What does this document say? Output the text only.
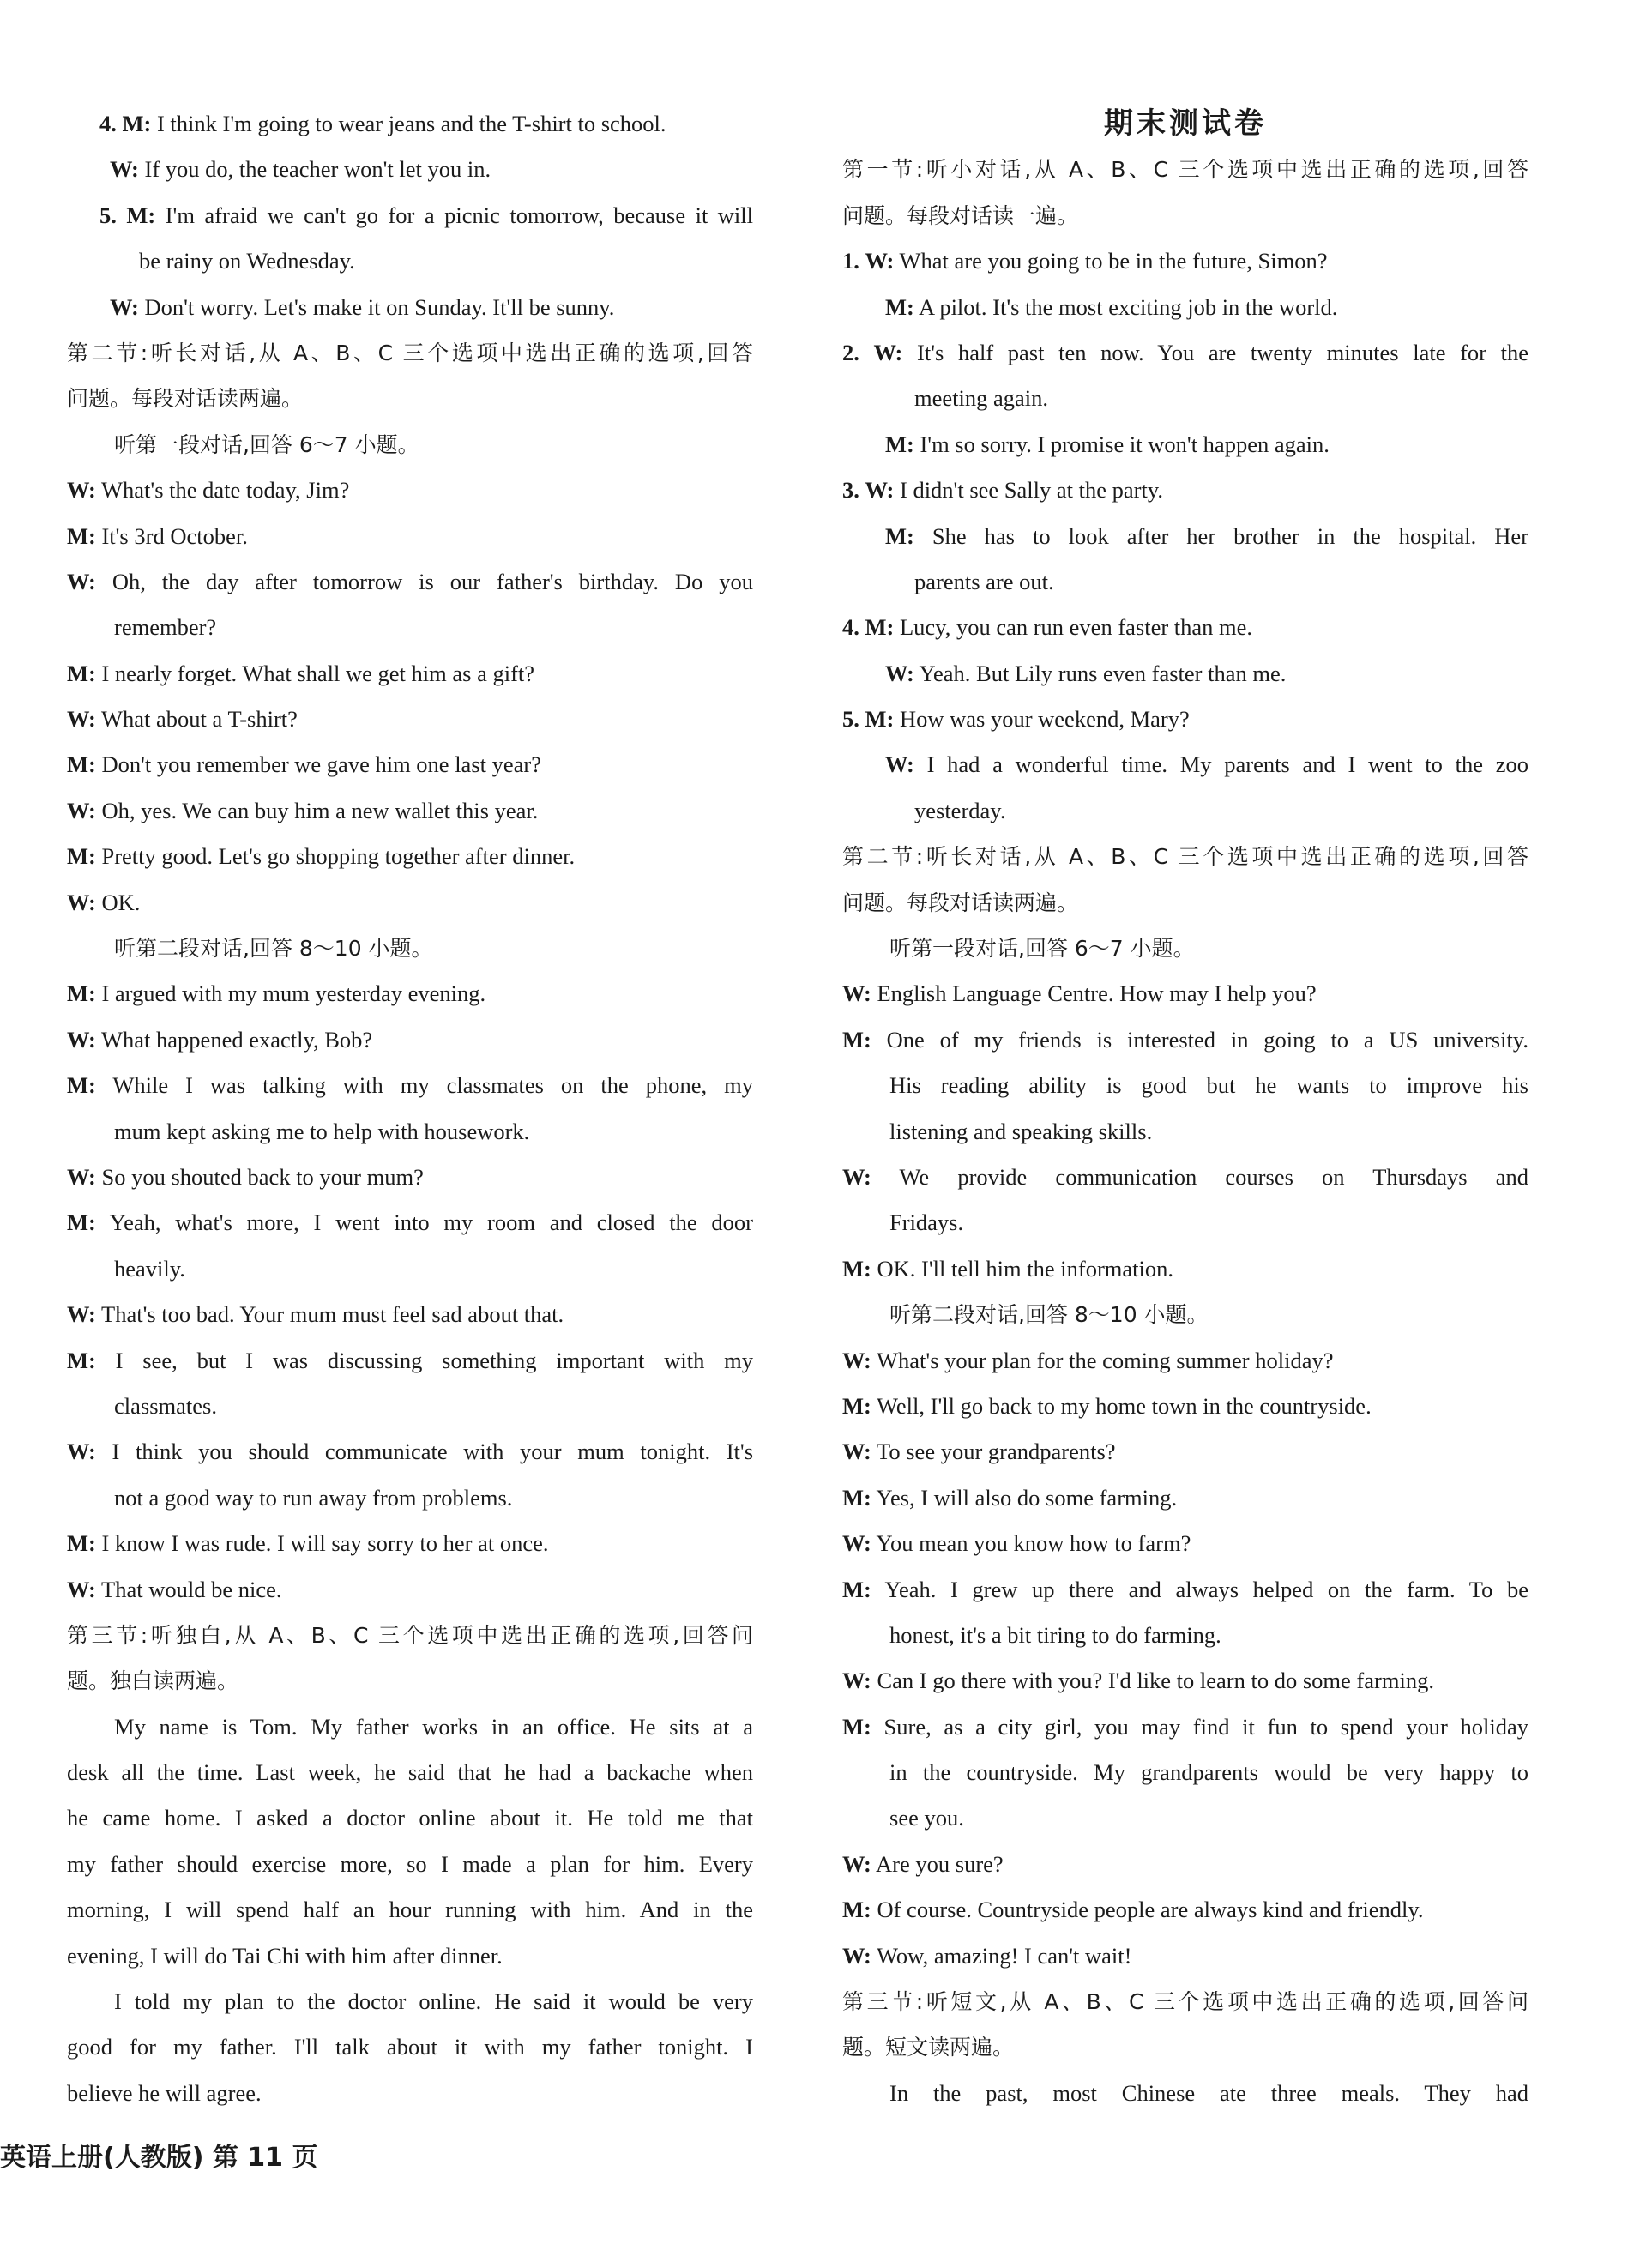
4. M: I think I'm going to wear jeans and the T-shirt to school.
W: If you do, the teacher won't let you in.
5. M: I'm afraid we can't go for a picnic tomorrow, because it will
be rainy on Wednesday.
W: Don't worry. Let's make it on Sunday. It'll be sunny.
第二节:听长对话,从 A、B、C 三个选项中选出正确的选项,回答
问题。每段对话读两遍。
听第一段对话,回答 6～7 小题。
W: What's the date today, Jim?
M: It's 3rd October.
W: Oh, the day after tomorrow is our father's birthday. Do you
remember?
M: I nearly forget. What shall we get him as a gift?
W: What about a T-shirt?
M: Don't you remember we gave him one last year?
W: Oh, yes. We can buy him a new wallet this year.
M: Pretty good. Let's go shopping together after dinner.
W: OK.
听第二段对话,回答 8～10 小题。
M: I argued with my mum yesterday evening.
W: What happened exactly, Bob?
M: While I was talking with my classmates on the phone, my
mum kept asking me to help with housework.
W: So you shouted back to your mum?
M: Yeah, what's more, I went into my room and closed the door
heavily.
W: That's too bad. Your mum must feel sad about that.
M: I see, but I was discussing something important with my
classmates.
W: I think you should communicate with your mum tonight. It's
not a good way to run away from problems.
M: I know I was rude. I will say sorry to her at once.
W: That would be nice.
第三节:听独白,从 A、B、C 三个选项中选出正确的选项,回答问
题。独白读两遍。
My name is Tom. My father works in an office. He sits at a
desk all the time. Last week, he said that he had a backache when
he came home. I asked a doctor online about it. He told me that
my father should exercise more, so I made a plan for him. Every
morning, I will spend half an hour running with him. And in the
evening, I will do Tai Chi with him after dinner.
I told my plan to the doctor online. He said it would be very
good for my father. I'll talk about it with my father tonight. I
believe he will agree.
期末测试卷
第一节:听小对话,从 A、B、C 三个选项中选出正确的选项,回答
问题。每段对话读一遍。
1. W: What are you going to be in the future, Simon?
M: A pilot. It's the most exciting job in the world.
2. W: It's half past ten now. You are twenty minutes late for the
meeting again.
M: I'm so sorry. I promise it won't happen again.
3. W: I didn't see Sally at the party.
M: She has to look after her brother in the hospital. Her
parents are out.
4. M: Lucy, you can run even faster than me.
W: Yeah. But Lily runs even faster than me.
5. M: How was your weekend, Mary?
W: I had a wonderful time. My parents and I went to the zoo
yesterday.
第二节:听长对话,从 A、B、C 三个选项中选出正确的选项,回答
问题。每段对话读两遍。
听第一段对话,回答 6～7 小题。
W: English Language Centre. How may I help you?
M: One of my friends is interested in going to a US university.
His reading ability is good but he wants to improve his
listening and speaking skills.
W: We provide communication courses on Thursdays and
Fridays.
M: OK. I'll tell him the information.
听第二段对话,回答 8～10 小题。
W: What's your plan for the coming summer holiday?
M: Well, I'll go back to my home town in the countryside.
W: To see your grandparents?
M: Yes, I will also do some farming.
W: You mean you know how to farm?
M: Yeah. I grew up there and always helped on the farm. To be
honest, it's a bit tiring to do farming.
W: Can I go there with you? I'd like to learn to do some farming.
M: Sure, as a city girl, you may find it fun to spend your holiday
in the countryside. My grandparents would be very happy to
see you.
W: Are you sure?
M: Of course. Countryside people are always kind and friendly.
W: Wow, amazing! I can't wait!
第三节:听短文,从 A、B、C 三个选项中选出正确的选项,回答问
题。短文读两遍。
In the past, most Chinese ate three meals. They had
英语上册(人教版) 第 11 页
